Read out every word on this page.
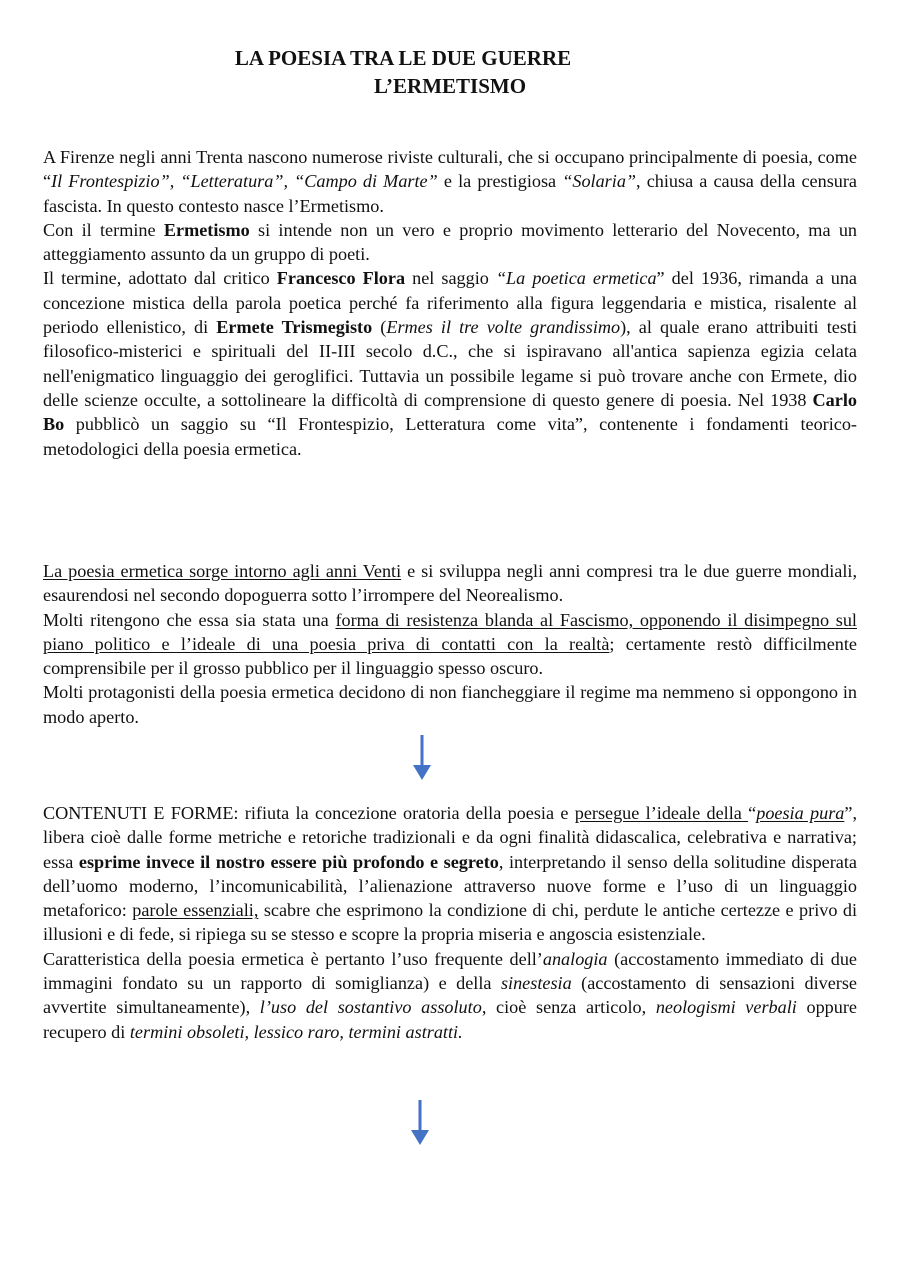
LA POESIA TRA LE DUE GUERRE
L’ERMETISMO

A Firenze negli anni Trenta nascono numerose riviste culturali, che si occupano principalmente di poesia, come “Il Frontespizio”, “Letteratura”, “Campo di Marte” e la prestigiosa “Solaria”, chiusa a causa della censura fascista. In questo contesto nasce l’Ermetismo.

Con il termine Ermetismo si intende non un vero e proprio movimento letterario del Novecento, ma un atteggiamento assunto da un gruppo di poeti.

Il termine, adottato dal critico Francesco Flora nel saggio “La poetica ermetica” del 1936, rimanda a una concezione mistica della parola poetica perché fa riferimento alla figura leggendaria e mistica, risalente al periodo ellenistico, di Ermete Trismegisto (Ermes il tre volte grandissimo), al quale erano attribuiti testi filosofico-misterici e spirituali del II-III secolo d.C., che si ispiravano all'antica sapienza egizia celata nell'enigmatico linguaggio dei geroglifici. Tuttavia un possibile legame si può trovare anche con Ermete, dio delle scienze occulte, a sottolineare la difficoltà di comprensione di questo genere di poesia. Nel 1938 Carlo Bo pubblicò un saggio su “Il Frontespizio, Letteratura come vita”, contenente i fondamenti teorico-metodologici della poesia ermetica.

La poesia ermetica sorge intorno agli anni Venti e si sviluppa negli anni compresi tra le due guerre mondiali, esaurendosi nel secondo dopoguerra sotto l’irrompere del Neorealismo.

Molti ritengono che essa sia stata una forma di resistenza blanda al Fascismo, opponendo il disimpegno sul piano politico e l’ideale di una poesia priva di contatti con la realtà; certamente restò difficilmente comprensibile per il grosso pubblico per il linguaggio spesso oscuro.

Molti protagonisti della poesia ermetica decidono di non fiancheggiare il regime ma nemmeno si oppongono in modo aperto.

CONTENUTI E FORME: rifiuta la concezione oratoria della poesia e persegue l’ideale della “poesia pura”, libera cioè dalle forme metriche e retoriche tradizionali e da ogni finalità didascalica, celebrativa e narrativa; essa esprime invece il nostro essere più profondo e segreto, interpretando il senso della solitudine disperata dell’uomo moderno, l’incomunicabilità, l’alienazione attraverso nuove forme e l’uso di un linguaggio metaforico: parole essenziali, scabre che esprimono la condizione di chi, perdute le antiche certezze e privo di illusioni e di fede, si ripiega su se stesso e scopre la propria miseria e angoscia esistenziale.

Caratteristica della poesia ermetica è pertanto l’uso frequente dell’analogia (accostamento immediato di due immagini fondato su un rapporto di somiglianza) e della sinestesia (accostamento di sensazioni diverse avvertite simultaneamente), l’uso del sostantivo assoluto, cioè senza articolo, neologismi verbali oppure recupero di termini obsoleti, lessico raro, termini astratti.
